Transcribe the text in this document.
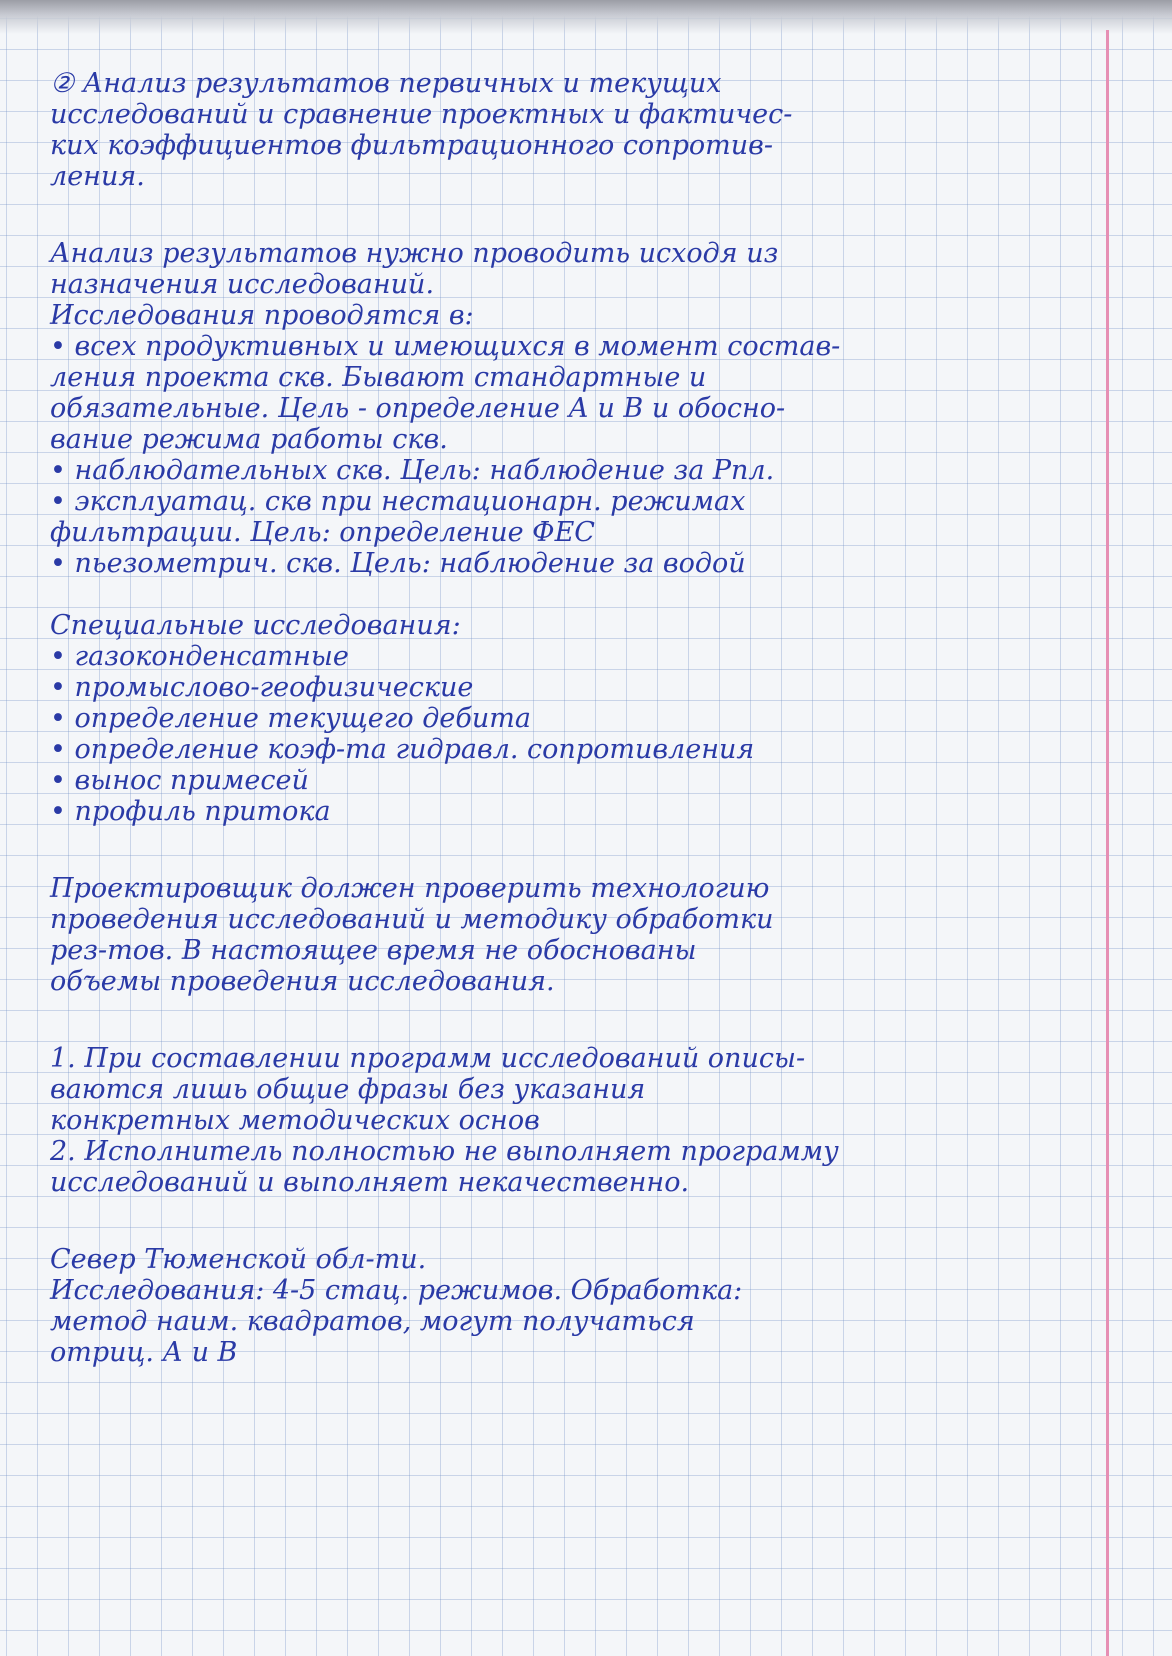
② Анализ результатов первичных и текущих
исследований и сравнение проектных и фактичес-
ких коэффициентов фильтрационного сопротив-
ления.
Анализ результатов нужно проводить исходя из
назначения исследований.
Исследования проводятся в:
• всех продуктивных и имеющихся в момент состав-
ления проекта скв. Бывают стандартные и
обязательные. Цель - определение А и В и обосно-
вание режима работы скв.
• наблюдательных скв. Цель: наблюдение за Рпл.
• эксплуатац. скв при нестационарн. режимах
фильтрации. Цель: определение ФЕС
• пьезометрич. скв. Цель: наблюдение за водой
Специальные исследования:
• газоконденсатные
• промыслово-геофизические
• определение текущего дебита
• определение коэф-та гидравл. сопротивления
• вынос примесей
• профиль притока
Проектировщик должен проверить технологию
проведения исследований и методику обработки
рез-тов. В настоящее время не обоснованы
объемы проведения исследования.
1. При составлении программ исследований описы-
ваются лишь общие фразы без указания
конкретных методических основ
2. Исполнитель полностью не выполняет программу
исследований и выполняет некачественно.
Север Тюменской обл-ти.
Исследования: 4-5 стац. режимов. Обработка:
метод наим. квадратов, могут получаться
отриц. А и В
